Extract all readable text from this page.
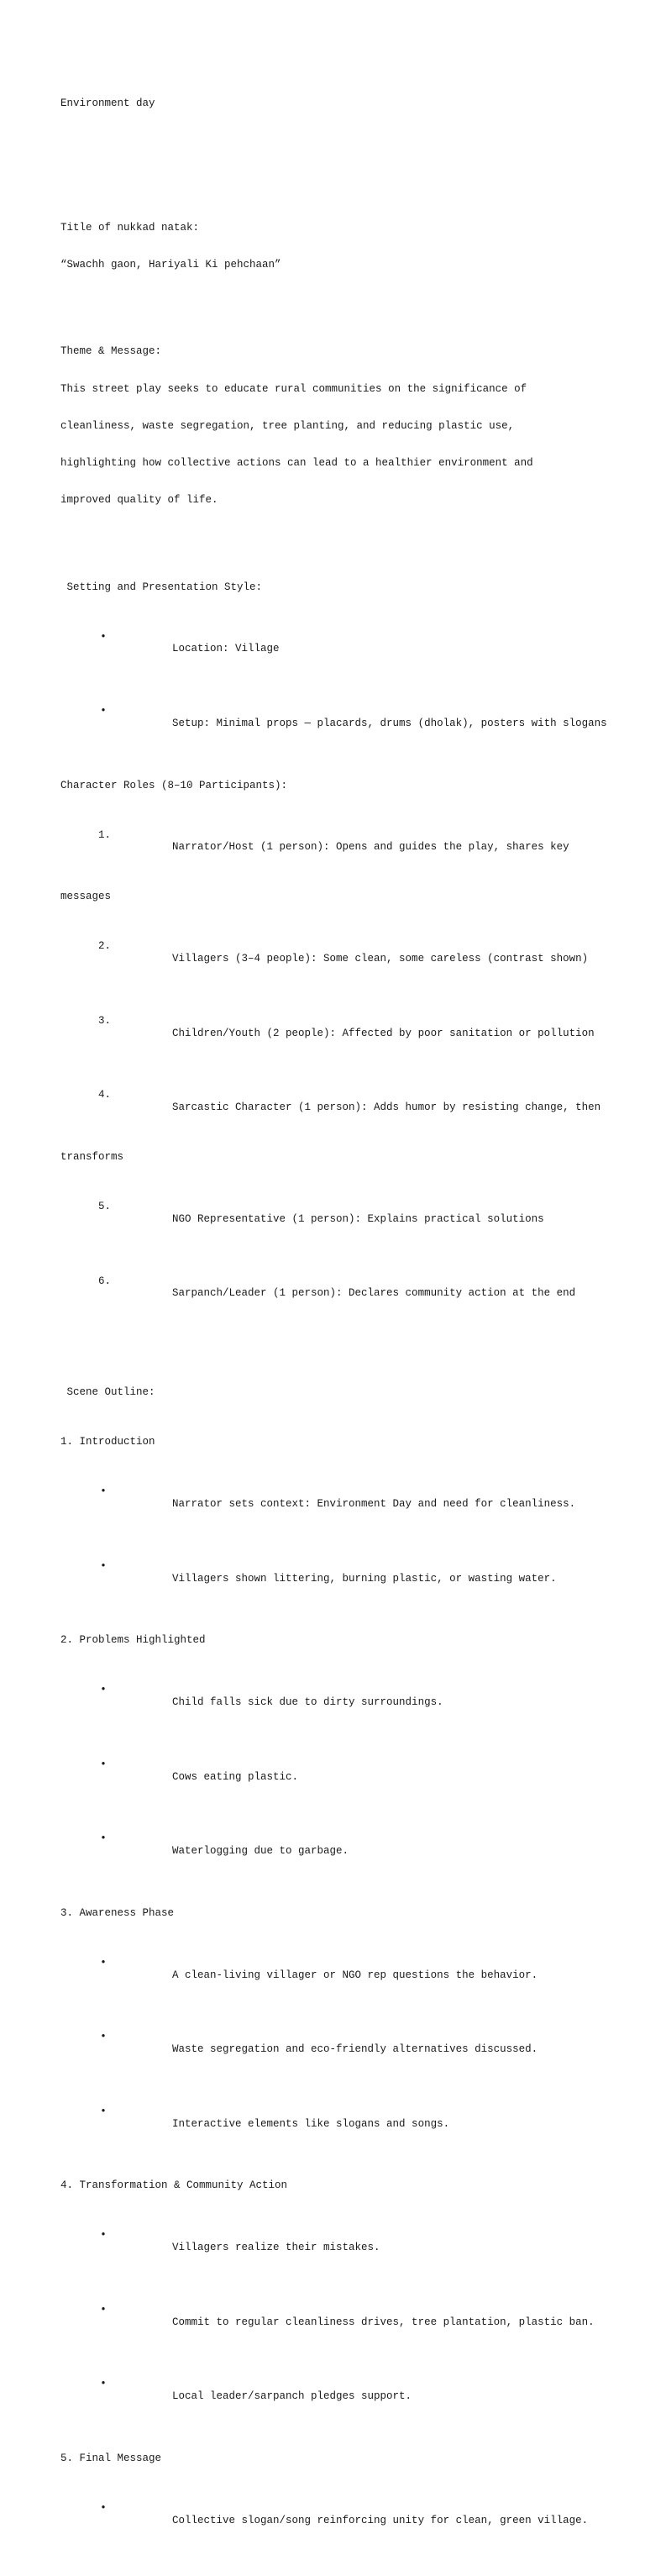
Environment day

Title of nukkad natak:

“Swachh gaon, Hariyali Ki pehchaan”

Theme & Message:

This street play seeks to educate rural communities on the significance of

cleanliness, waste segregation, tree planting, and reducing plastic use,

highlighting how collective actions can lead to a healthier environment and

improved quality of life.

Setting and Presentation Style:

•

Location: Village

•

Setup: Minimal props — placards, drums (dholak), posters with slogans

Character Roles (8–10 Participants):

1.

Narrator/Host (1 person): Opens and guides the play, shares key

messages

2.

Villagers (3–4 people): Some clean, some careless (contrast shown)

3.

Children/Youth (2 people): Affected by poor sanitation or pollution

4.

Sarcastic Character (1 person): Adds humor by resisting change, then

transforms

5.

NGO Representative (1 person): Explains practical solutions

6.

Sarpanch/Leader (1 person): Declares community action at the end

Scene Outline:

1. Introduction

•

Narrator sets context: Environment Day and need for cleanliness.

•

Villagers shown littering, burning plastic, or wasting water.

2. Problems Highlighted

•

Child falls sick due to dirty surroundings.

•

Cows eating plastic.

•

Waterlogging due to garbage.

3. Awareness Phase

•

A clean-living villager or NGO rep questions the behavior.

•

Waste segregation and eco-friendly alternatives discussed.

•

Interactive elements like slogans and songs.

4. Transformation & Community Action

•

Villagers realize their mistakes.

•

Commit to regular cleanliness drives, tree plantation, plastic ban.

•

Local leader/sarpanch pledges support.

5. Final Message

•

Collective slogan/song reinforcing unity for clean, green village.
